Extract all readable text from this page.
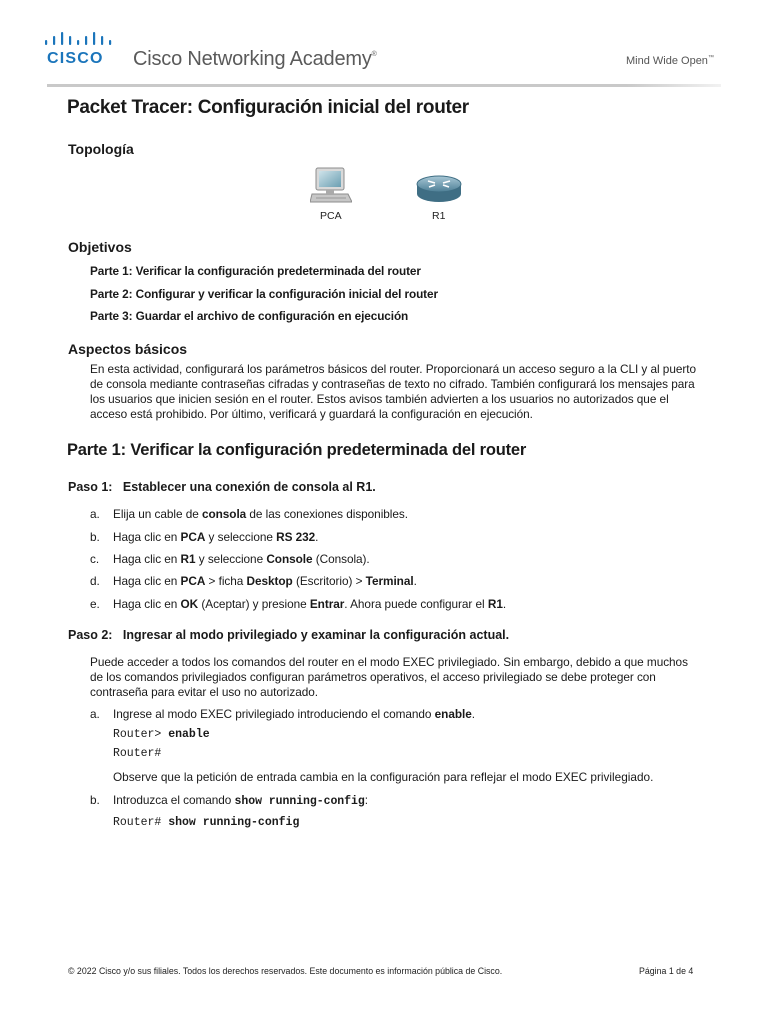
CISCO Cisco Networking Academy®
Mind Wide Open™
Packet Tracer: Configuración inicial del router
Topología
PCA	R1
Objetivos
Parte 1: Verificar la configuración predeterminada del router
Parte 2: Configurar y verificar la configuración inicial del router
Parte 3: Guardar el archivo de configuración en ejecución
Aspectos básicos
En esta actividad, configurará los parámetros básicos del router. Proporcionará un acceso seguro a la CLI y al puerto de consola mediante contraseñas cifradas y contraseñas de texto no cifrado. También configurará los mensajes para los usuarios que inicien sesión en el router. Estos avisos también advierten a los usuarios no autorizados que el acceso está prohibido. Por último, verificará y guardará la configuración en ejecución.
Parte 1: Verificar la configuración predeterminada del router
Paso 1:   Establecer una conexión de consola al R1.
a. Elija un cable de consola de las conexiones disponibles.
b. Haga clic en PCA y seleccione RS 232.
c. Haga clic en R1 y seleccione Console (Consola).
d. Haga clic en PCA > ficha Desktop (Escritorio) > Terminal.
e. Haga clic en OK (Aceptar) y presione Entrar. Ahora puede configurar el R1.
Paso 2:   Ingresar al modo privilegiado y examinar la configuración actual.
Puede acceder a todos los comandos del router en el modo EXEC privilegiado. Sin embargo, debido a que muchos de los comandos privilegiados configuran parámetros operativos, el acceso privilegiado se debe proteger con contraseña para evitar el uso no autorizado.
a. Ingrese al modo EXEC privilegiado introduciendo el comando enable.
Router> enable
Router#
Observe que la petición de entrada cambia en la configuración para reflejar el modo EXEC privilegiado.
b. Introduzca el comando show running-config:
Router# show running-config
© 2022 Cisco y/o sus filiales. Todos los derechos reservados. Este documento es información pública de Cisco.	Página 1 de 4
